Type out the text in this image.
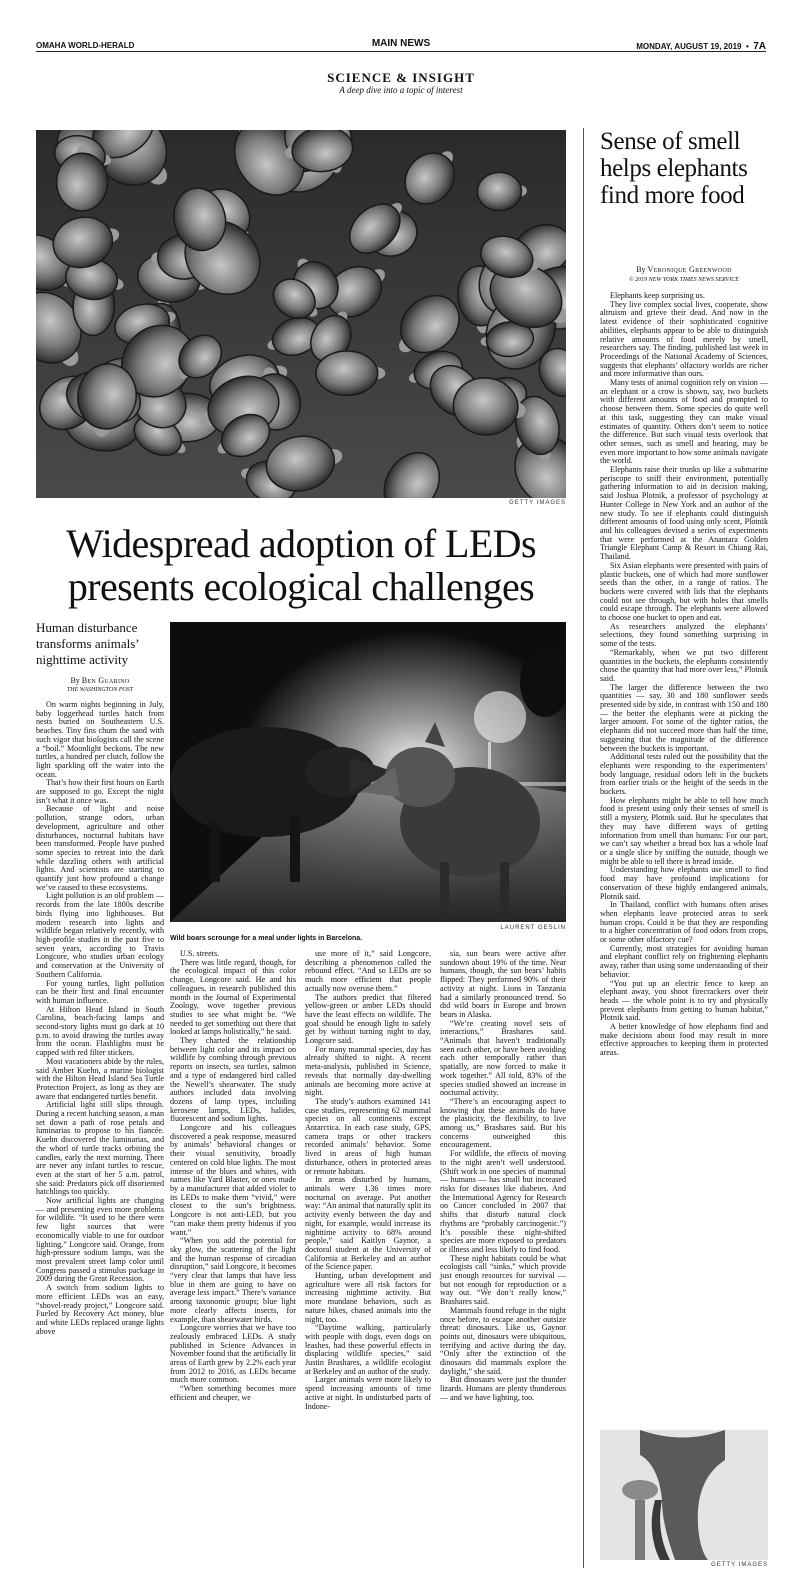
OMAHA WORLD-HERALD	MAIN NEWS	MONDAY, AUGUST 19, 2019 • 7A
SCIENCE & INSIGHT
A deep dive into a topic of interest
GETTY IMAGES
Widespread adoption of LEDs
presents ecological challenges
Human disturbance transforms animals’ nighttime activity
By Ben Guarino
THE WASHINGTON POST
LAURENT GESLIN
Wild boars scrounge for a meal under lights in Barcelona.

On warm nights beginning in July, baby loggerhead turtles hatch from nests buried on Southeastern U.S. beaches. Tiny fins churn the sand with such vigor that biologists call the scene a “boil.” Moonlight beckons. The new turtles, a hundred per clutch, follow the light sparkling off the water into the ocean.

That’s how their first hours on Earth are supposed to go. Except the night isn’t what it once was.

Because of light and noise pollution, strange odors, urban development, agriculture and other disturbances, nocturnal habitats have been transformed. People have pushed some species to retreat into the dark while dazzling others with artificial lights. And scientists are starting to quantify just how profound a change we’ve caused to these ecosystems.

Light pollution is an old problem — records from the late 1800s describe birds flying into lighthouses. But modern research into lights and wildlife began relatively recently, with high-profile studies in the past five to seven years, according to Travis Longcore, who studies urban ecology and conservation at the University of Southern California.

For young turtles, light pollution can be their first and final encounter with human influence.

At Hilton Head Island in South Carolina, beach-facing lamps and second-story lights must go dark at 10 p.m. to avoid drawing the turtles away from the ocean. Flashlights must be capped with red filter stickers.

Most vacationers abide by the rules, said Amber Kuehn, a marine biologist with the Hilton Head Island Sea Turtle Protection Project, as long as they are aware that endangered turtles benefit.

Artificial light still slips through. During a recent hatching season, a man set down a path of rose petals and luminarias to propose to his fiancée. Kuehn discovered the luminarias, and the whorl of turtle tracks orbiting the candles, early the next morning. There are never any infant turtles to rescue, even at the start of her 5 a.m. patrol, she said: Predators pick off disoriented hatchlings too quickly.

Now artificial lights are changing — and presenting even more problems for wildlife. “It used to be there were few light sources that were economically viable to use for outdoor lighting,” Longcore said. Orange, from high-pressure sodium lamps, was the most prevalent street lamp color until Congress passed a stimulus package in 2009 during the Great Recession.

A switch from sodium lights to more efficient LEDs was an easy, “shovel-ready project,” Longcore said. Fueled by Recovery Act money, blue and white LEDs replaced orange lights above

U.S. streets.

There was little regard, though, for the ecological impact of this color change, Longcore said. He and his colleagues, in research published this month in the Journal of Experimental Zoology, wove together previous studies to see what might be. “We needed to get something out there that looked at lamps holistically,” he said.

They charted the relationship between light color and its impact on wildlife by combing through previous reports on insects, sea turtles, salmon and a type of endangered bird called the Newell’s shearwater. The study authors included data involving dozens of lamp types, including kerosene lamps, LEDs, halides, fluorescent and sodium lights.

Longcore and his colleagues discovered a peak response, measured by animals’ behavioral changes or their visual sensitivity, broadly centered on cold blue lights. The most intense of the blues and whites, with names like Yard Blaster, or ones made by a manufacturer that added violet to its LEDs to make them “vivid,” were closest to the sun’s brightness. Longcore is not anti-LED, but you “can make them pretty hideous if you want.”

“When you add the potential for sky glow, the scattering of the light and the human response of circadian disruption,” said Longcore, it becomes “very clear that lamps that have less blue in them are going to have on average less impact.” There’s variance among taxonomic groups; blue light more clearly affects insects, for example, than shearwater birds.

Longcore worries that we have too zealously embraced LEDs. A study published in Science Advances in November found that the artificially lit areas of Earth grew by 2.2% each year from 2012 to 2016, as LEDs became much more common.

“When something becomes more efficient and cheaper, we

use more of it,” said Longcore, describing a phenomenon called the rebound effect. “And so LEDs are so much more efficient that people actually now overuse them.”

The authors predict that filtered yellow-green or amber LEDs should have the least effects on wildlife. The goal should be enough light to safely get by without turning night to day, Longcore said.

For many mammal species, day has already shifted to night. A recent meta-analysis, published in Science, reveals that normally day-dwelling animals are becoming more active at night.

The study’s authors examined 141 case studies, representing 62 mammal species on all continents except Antarctica. In each case study, GPS, camera traps or other trackers recorded animals’ behavior. Some lived in areas of high human disturbance, others in protected areas or remote habitats.

In areas disturbed by humans, animals were 1.36 times more nocturnal on average. Put another way: “An animal that naturally split its activity evenly between the day and night, for example, would increase its nighttime activity to 68% around people,” said Kaitlyn Gaynor, a doctoral student at the University of California at Berkeley and an author of the Science paper.

Hunting, urban development and agriculture were all risk factors for increasing nighttime activity. But more mundane behaviors, such as nature hikes, chased animals into the night, too.

“Daytime walking, particularly with people with dogs, even dogs on leashes, had these powerful effects in displacing wildlife species,” said Justin Brashares, a wildlife ecologist at Berkeley and an author of the study.

Larger animals were more likely to spend increasing amounts of time active at night. In undisturbed parts of Indone-

sia, sun bears were active after sundown about 19% of the time. Near humans, though, the sun bears’ habits flipped: They performed 90% of their activity at night. Lions in Tanzania had a similarly pronounced trend. So did wild boars in Europe and brown bears in Alaska.

“We’re creating novel sets of interactions,” Brashares said. “Animals that haven’t traditionally seen each other, or have been avoiding each other temporally rather than spatially, are now forced to make it work together.” All told, 83% of the species studied showed an increase in nocturnal activity.

“There’s an encouraging aspect to knowing that these animals do have the plasticity, the flexibility, to live among us,” Brashares said. But his concerns outweighed this encouragement.

For wildlife, the effects of moving to the night aren’t well understood. (Shift work in one species of mammal — humans — has small but increased risks for diseases like diabetes. And the International Agency for Research on Cancer concluded in 2007 that shifts that disturb natural clock rhythms are “probably carcinogenic.”) It’s possible these night-shifted species are more exposed to predators or illness and less likely to find food.

These night habitats could be what ecologists call “sinks,” which provide just enough resources for survival — but not enough for reproduction or a way out. “We don’t really know,” Brashares said.

Mammals found refuge in the night once before, to escape another outsize threat: dinosaurs. Like us, Gaynor points out, dinosaurs were ubiquitous, terrifying and active during the day. “Only after the extinction of the dinosaurs did mammals explore the daylight,” she said.

But dinosaurs were just the thunder lizards. Humans are plenty thunderous — and we have lighting, too.

Sense of smell helps elephants find more food
By Veronique Greenwood
© 2019 NEW YORK TIMES NEWS SERVICE

Elephants keep surprising us.

They live complex social lives, cooperate, show altruism and grieve their dead. And now in the latest evidence of their sophisticated cognitive abilities, elephants appear to be able to distinguish relative amounts of food merely by smell, researchers say. The finding, published last week in Proceedings of the National Academy of Sciences, suggests that elephants’ olfactory worlds are richer and more informative than ours.

Many tests of animal cognition rely on vision — an elephant or a crow is shown, say, two buckets with different amounts of food and prompted to choose between them. Some species do quite well at this task, suggesting they can make visual estimates of quantity. Others don’t seem to notice the difference. But such visual tests overlook that other senses, such as smell and hearing, may be even more important to how some animals navigate the world.

Elephants raise their trunks up like a submarine periscope to sniff their environment, potentially gathering information to aid in decision making, said Joshua Plotnik, a professor of psychology at Hunter College in New York and an author of the new study. To see if elephants could distinguish different amounts of food using only scent, Plotnik and his colleagues devised a series of experiments that were performed at the Anantara Golden Triangle Elephant Camp & Resort in Chiang Rai, Thailand.

Six Asian elephants were presented with pairs of plastic buckets, one of which had more sunflower seeds than the other, in a range of ratios. The buckets were covered with lids that the elephants could not see through, but with holes that smells could escape through. The elephants were allowed to choose one bucket to open and eat.

As researchers analyzed the elephants’ selections, they found something surprising in some of the tests.

“Remarkably, when we put two different quantities in the buckets, the elephants consistently chose the quantity that had more over less,” Plotnik said.

The larger the difference between the two quantities — say, 30 and 180 sunflower seeds presented side by side, in contrast with 150 and 180 — the better the elephants were at picking the larger amount. For some of the tighter ratios, the elephants did not succeed more than half the time, suggesting that the magnitude of the difference between the buckets is important.

Additional tests ruled out the possibility that the elephants were responding to the experimenters’ body language, residual odors left in the buckets from earlier trials or the height of the seeds in the buckets.

How elephants might be able to tell how much food is present using only their senses of smell is still a mystery, Plotnik said. But he speculates that they may have different ways of getting information from smell than humans: For our part, we can’t say whether a bread box has a whole loaf or a single slice by sniffing the outside, though we might be able to tell there is bread inside.

Understanding how elephants use smell to find food may have profound implications for conservation of these highly endangered animals, Plotnik said.

In Thailand, conflict with humans often arises when elephants leave protected areas to seek human crops. Could it be that they are responding to a higher concentration of food odors from crops, or some other olfactory cue?

Currently, most strategies for avoiding human and elephant conflict rely on frightening elephants away, rather than using some understanding of their behavior.

“You put up an electric fence to keep an elephant away, you shoot firecrackers over their heads — the whole point is to try and physically prevent elephants from getting to human habitat,” Plotnik said.

A better knowledge of how elephants find and make decisions about food may result in more effective approaches to keeping them in protected areas.

GETTY IMAGES
